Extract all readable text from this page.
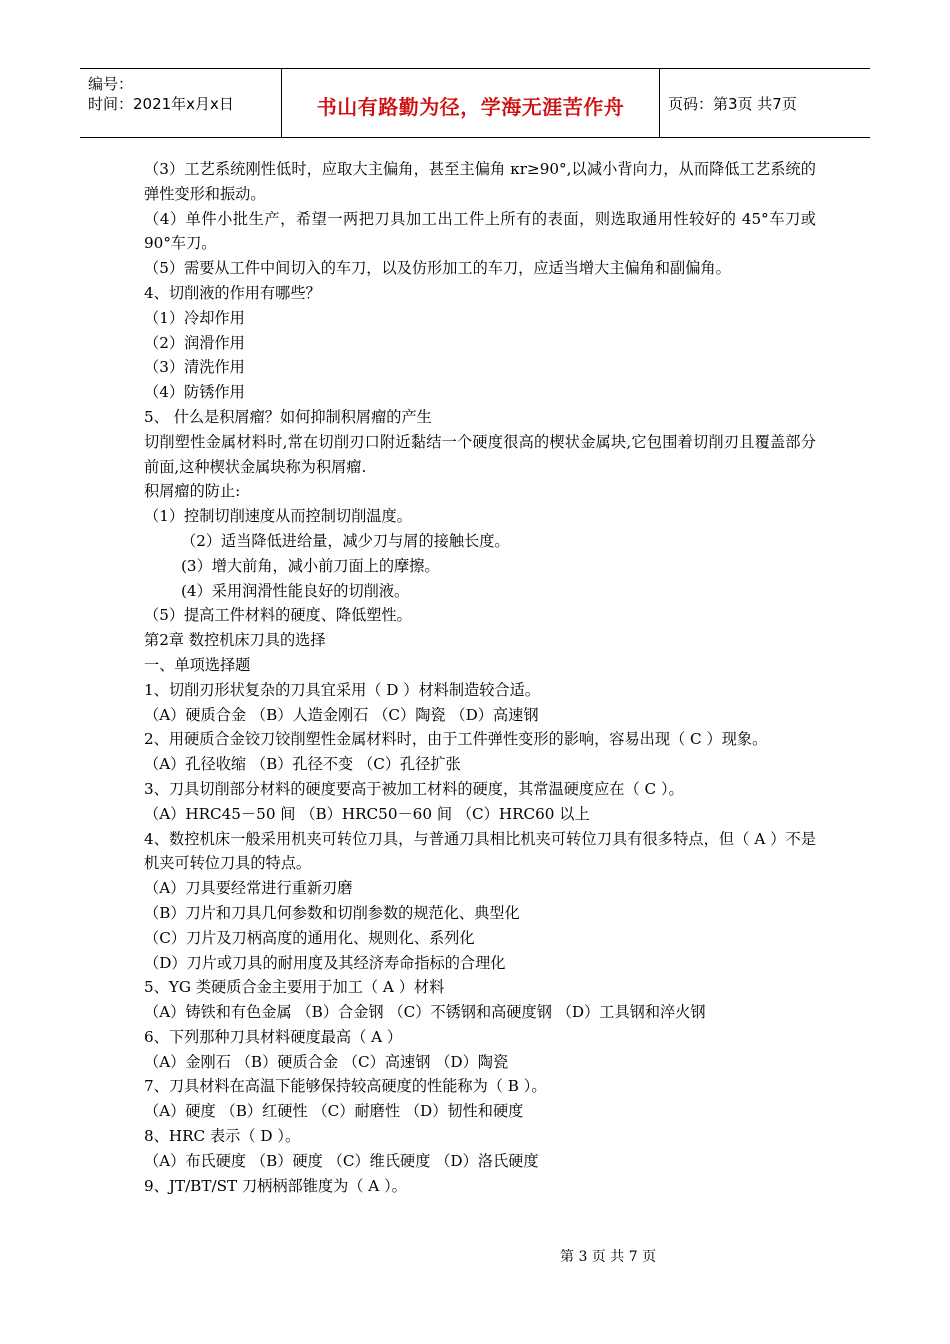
编号：
时间：2021年x月x日	书山有路勤为径，学海无涯苦作舟	页码：第3页 共7页

（3）工艺系统刚性低时，应取大主偏角，甚至主偏角 κr≥90°,以减小背向力，从而降低工艺系统的弹性变形和振动。

（4）单件小批生产，希望一两把刀具加工出工件上所有的表面，则选取通用性较好的 45°车刀或 90°车刀。

（5）需要从工件中间切入的车刀，以及仿形加工的车刀，应适当增大主偏角和副偏角。

4、切削液的作用有哪些？

（1）冷却作用

（2）润滑作用

（3）清洗作用

（4）防锈作用

5、 什么是积屑瘤？如何抑制积屑瘤的产生

切削塑性金属材料时,常在切削刃口附近黏结一个硬度很高的楔状金属块,它包围着切削刃且覆盖部分前面,这种楔状金属块称为积屑瘤.

积屑瘤的防止:

（1）控制切削速度从而控制切削温度。

（2）适当降低进给量，减少刀与屑的接触长度。

(3）增大前角，减小前刀面上的摩擦。

(4）采用润滑性能良好的切削液。

（5）提高工件材料的硬度、降低塑性。

第2章 数控机床刀具的选择

一、单项选择题

1、切削刃形状复杂的刀具宜采用（ D ）材料制造较合适。

（A）硬质合金 （B）人造金刚石 （C）陶瓷 （D）高速钢

2、用硬质合金铰刀铰削塑性金属材料时，由于工件弹性变形的影响，容易出现（ C ）现象。

（A）孔径收缩 （B）孔径不变 （C）孔径扩张

3、刀具切削部分材料的硬度要高于被加工材料的硬度，其常温硬度应在（ C ）。

（A）HRC45－50 间 （B）HRC50－60 间 （C）HRC60 以上

4、数控机床一般采用机夹可转位刀具，与普通刀具相比机夹可转位刀具有很多特点，但（ A ）不是机夹可转位刀具的特点。

（A）刀具要经常进行重新刃磨

（B）刀片和刀具几何参数和切削参数的规范化、典型化

（C）刀片及刀柄高度的通用化、规则化、系列化

（D）刀片或刀具的耐用度及其经济寿命指标的合理化

5、YG 类硬质合金主要用于加工（ A ）材料

（A）铸铁和有色金属 （B）合金钢 （C）不锈钢和高硬度钢 （D）工具钢和淬火钢

6、下列那种刀具材料硬度最高（ A ）

（A）金刚石 （B）硬质合金 （C）高速钢 （D）陶瓷

7、刀具材料在高温下能够保持较高硬度的性能称为（ B ）。

（A）硬度 （B）红硬性 （C）耐磨性 （D）韧性和硬度

8、HRC 表示（ D ）。

（A）布氏硬度 （B）硬度 （C）维氏硬度 （D）洛氏硬度

9、JT/BT/ST 刀柄柄部锥度为（ A ）。

第 3 页 共 7 页
